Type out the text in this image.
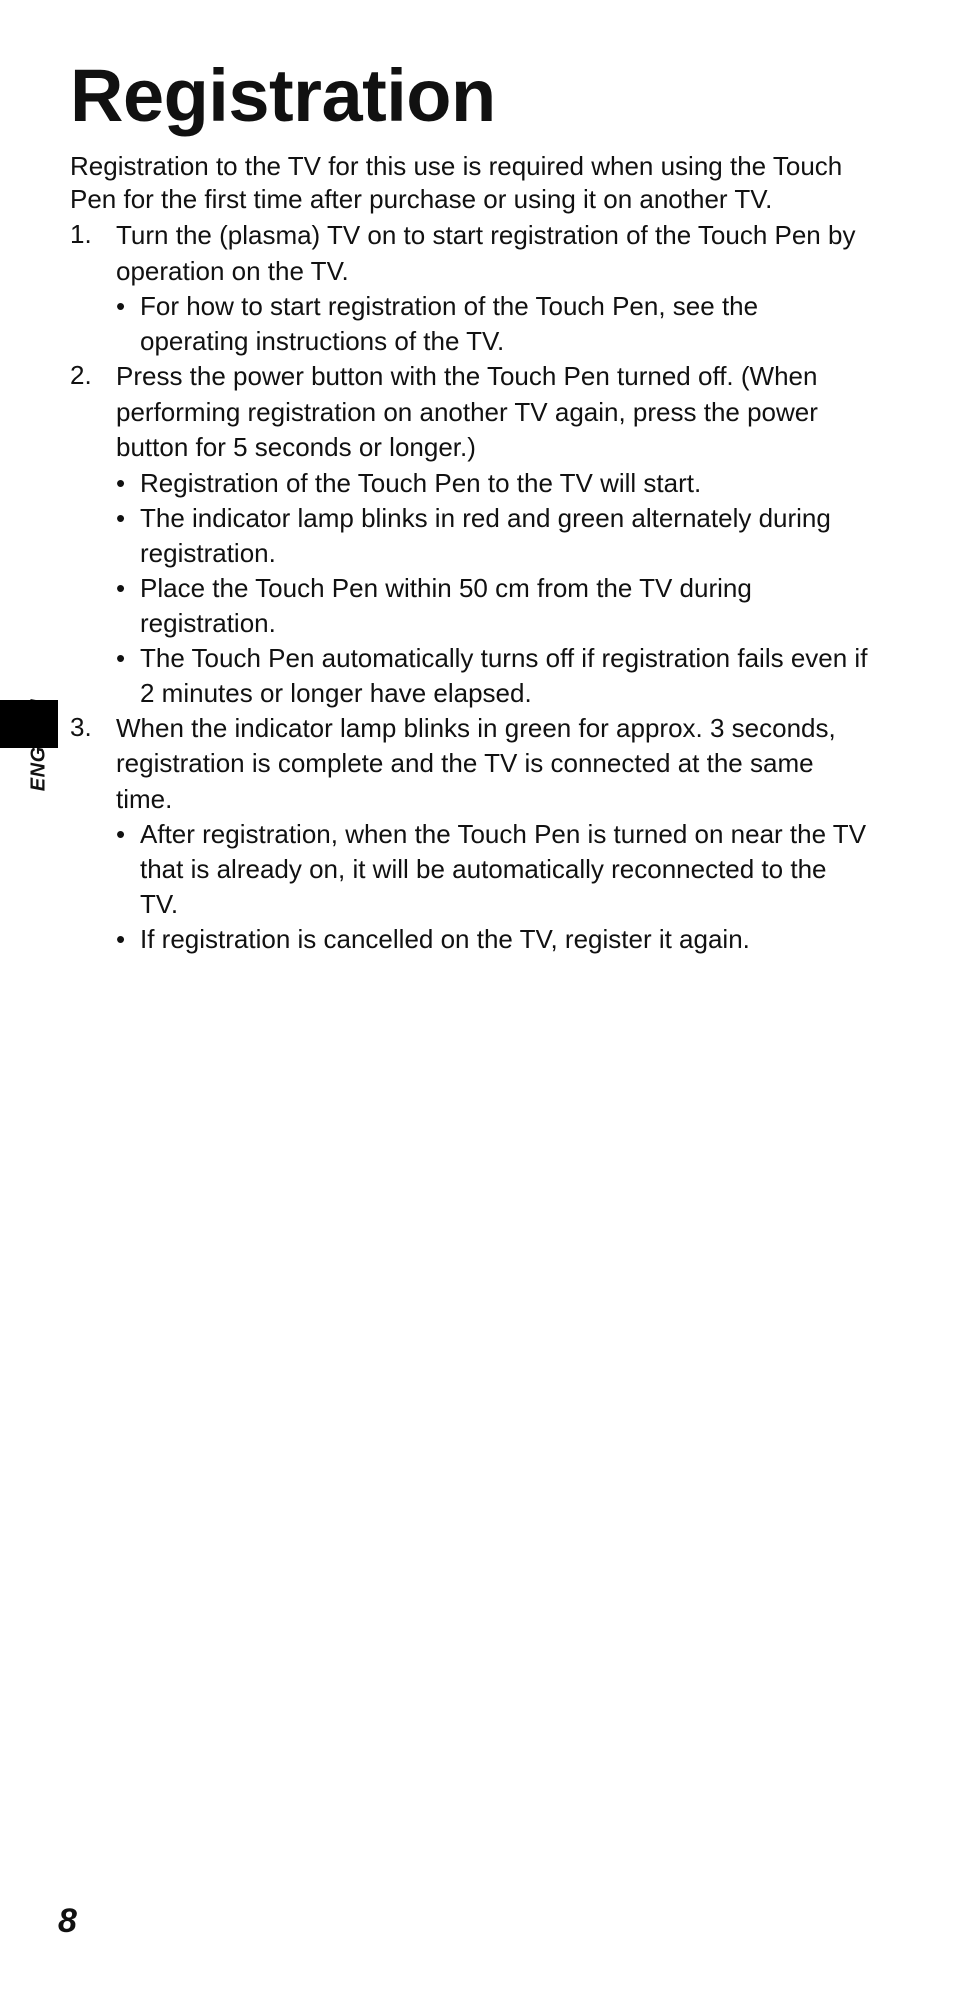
Registration

Registration to the TV for this use is required when using the Touch Pen for the first time after purchase or using it on another TV.

1. Turn the (plasma) TV on to start registration of the Touch Pen by operation on the TV.
• For how to start registration of the Touch Pen, see the operating instructions of the TV.
2. Press the power button with the Touch Pen turned off. (When performing registration on another TV again, press the power button for 5 seconds or longer.)
• Registration of the Touch Pen to the TV will start.
• The indicator lamp blinks in red and green alternately during registration.
• Place the Touch Pen within 50 cm from the TV during registration.
• The Touch Pen automatically turns off if registration fails even if 2 minutes or longer have elapsed.
3. When the indicator lamp blinks in green for approx. 3 seconds, registration is complete and the TV is connected at the same time.
• After registration, when the Touch Pen is turned on near the TV that is already on, it will be automatically reconnected to the TV.
• If registration is cancelled on the TV, register it again.
8
